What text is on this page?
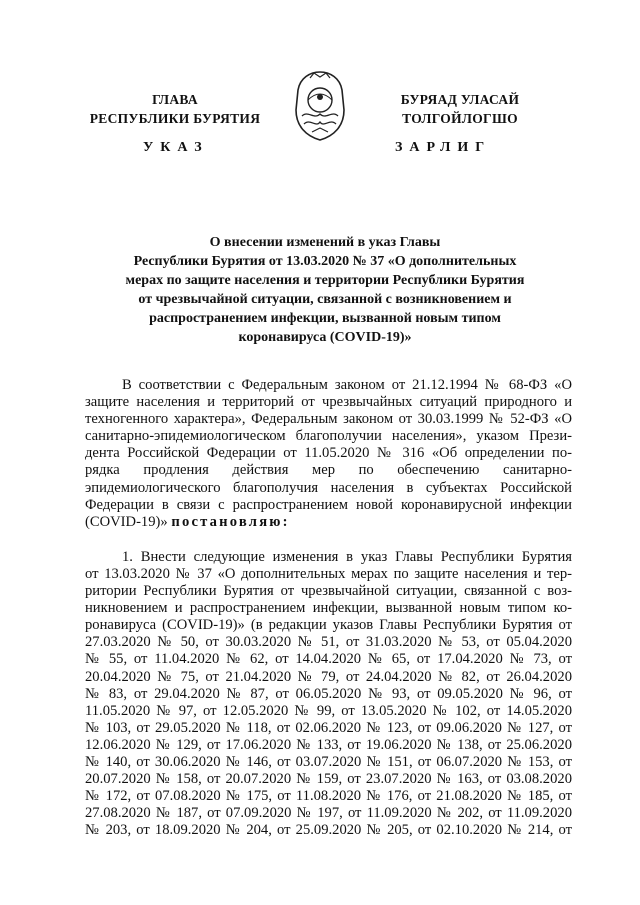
ГЛАВА
РЕСПУБЛИКИ БУРЯТИЯ
БУРЯАД УЛАСАЙ
ТОЛГОЙЛОГШО
УКАЗ	ЗАРЛИГ
О внесении изменений в указ Главы
Республики Бурятия от 13.03.2020 № 37 «О дополнительных
мерах по защите населения и территории Республики Бурятия
от чрезвычайной ситуации, связанной с возникновением и
распространением инфекции, вызванной новым типом
коронавируса (COVID-19)»
В соответствии с Федеральным законом от 21.12.1994 № 68-ФЗ «О
защите населения и территорий от чрезвычайных ситуаций природного и
техногенного характера», Федеральным законом от 30.03.1999 № 52-ФЗ «О
санитарно-эпидемиологическом благополучии населения», указом Прези-
дента Российской Федерации от 11.05.2020 № 316 «Об определении по-
рядка продления действия мер по обеспечению санитарно-
эпидемиологического благополучия населения в субъектах Российской
Федерации в связи с распространением новой коронавирусной инфекции
(COVID-19)» постановляю:
1. Внести следующие изменения в указ Главы Республики Бурятия
от 13.03.2020 № 37 «О дополнительных мерах по защите населения и тер-
ритории Республики Бурятия от чрезвычайной ситуации, связанной с воз-
никновением и распространением инфекции, вызванной новым типом ко-
ронавируса (COVID-19)» (в редакции указов Главы Республики Бурятия от
27.03.2020 № 50, от 30.03.2020 № 51, от 31.03.2020 № 53, от 05.04.2020
№ 55, от 11.04.2020 № 62, от 14.04.2020 № 65, от 17.04.2020 № 73, от
20.04.2020 № 75, от 21.04.2020 № 79, от 24.04.2020 № 82, от 26.04.2020
№ 83, от 29.04.2020 № 87, от 06.05.2020 № 93, от 09.05.2020 № 96, от
11.05.2020 № 97, от 12.05.2020 № 99, от 13.05.2020 № 102, от 14.05.2020
№ 103, от 29.05.2020 № 118, от 02.06.2020 № 123, от 09.06.2020 № 127, от
12.06.2020 № 129, от 17.06.2020 № 133, от 19.06.2020 № 138, от 25.06.2020
№ 140, от 30.06.2020 № 146, от 03.07.2020 № 151, от 06.07.2020 № 153, от
20.07.2020 № 158, от 20.07.2020 № 159, от 23.07.2020 № 163, от 03.08.2020
№ 172, от 07.08.2020 № 175, от 11.08.2020 № 176, от 21.08.2020 № 185, от
27.08.2020 № 187, от 07.09.2020 № 197, от 11.09.2020 № 202, от 11.09.2020
№ 203, от 18.09.2020 № 204, от 25.09.2020 № 205, от 02.10.2020 № 214, от
